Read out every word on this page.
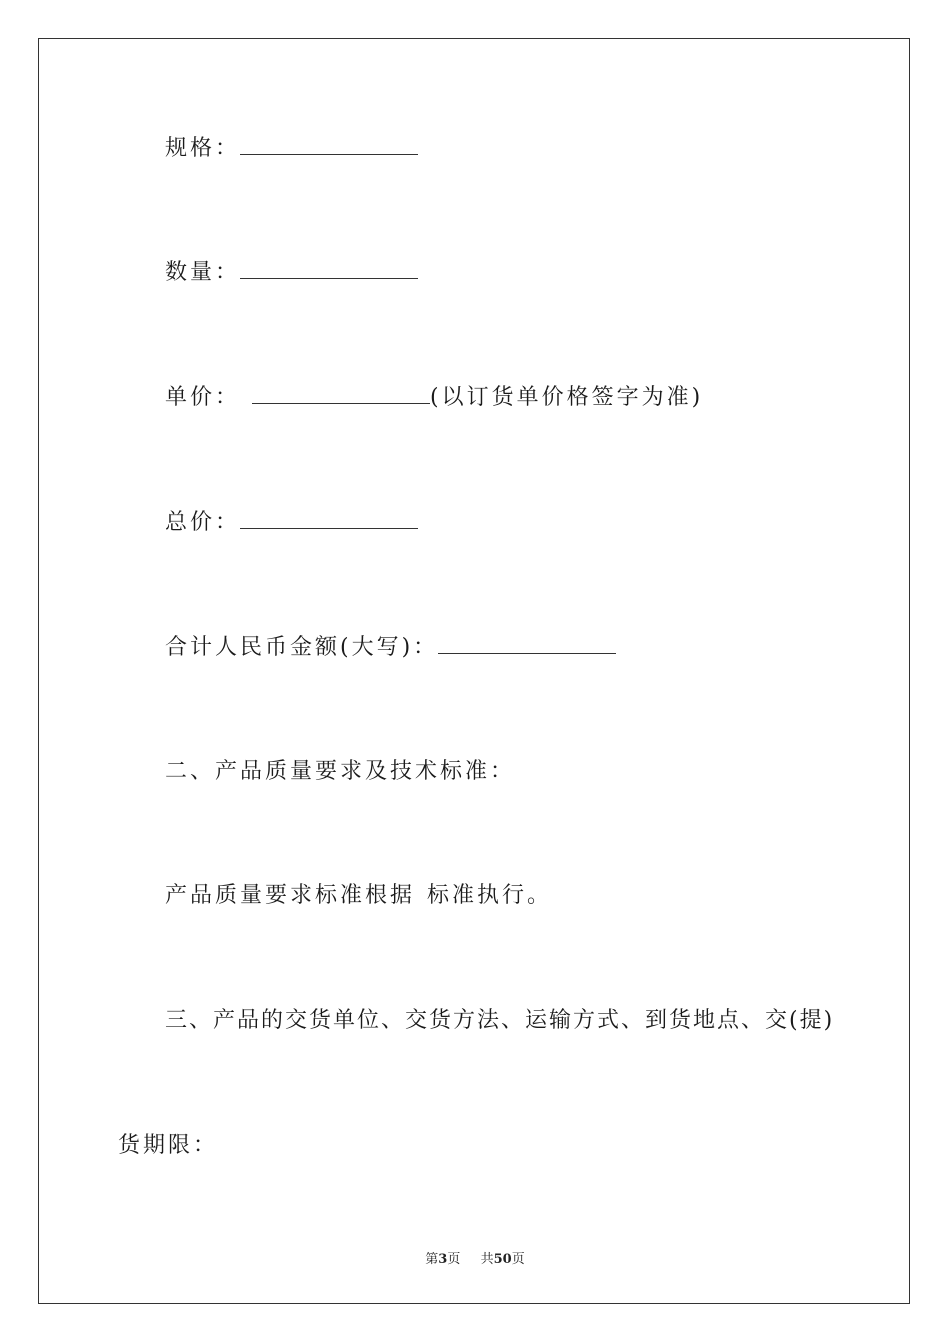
规格：
数量：
单价：	(以订货单价格签字为准)
总价：
合计人民币金额(大写)：
二、产品质量要求及技术标准：
产品质量要求标准根据 标准执行。
三、产品的交货单位、交货方法、运输方式、到货地点、交(提)
货期限：
第3页 共50页
